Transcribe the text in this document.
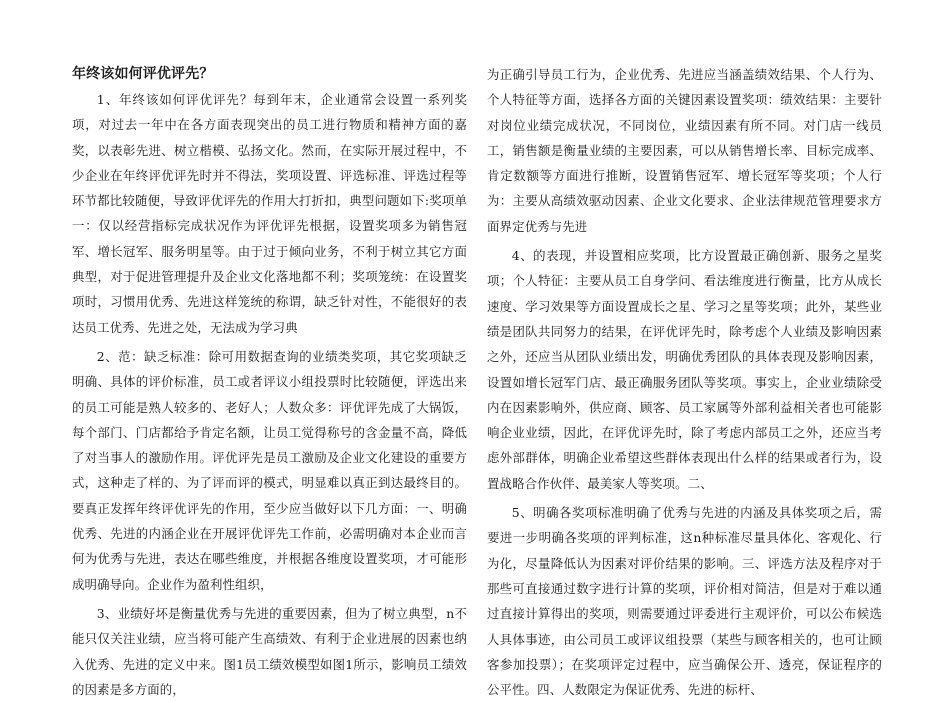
年终该如何评优评先？

1、年终该如何评优评先？每到年末，企业通常会设置一系列奖项，对过去一年中在各方面表现突出的员工进行物质和精神方面的嘉奖，以表彰先进、树立楷模、弘扬文化。然而，在实际开展过程中，不少企业在年终评优评先时并不得法，奖项设置、评选标准、评选过程等环节都比较随便，导致评优评先的作用大打折扣，典型问题如下:奖项单一：仅以经营指标完成状况作为评优评先根据，设置奖项多为销售冠军、增长冠军、服务明星等。由于过于倾向业务，不利于树立其它方面典型，对于促进管理提升及企业文化落地都不利；奖项笼统：在设置奖项时，习惯用优秀、先进这样笼统的称谓，缺乏针对性，不能很好的表达员工优秀、先进之处，无法成为学习典

2、范：缺乏标准：除可用数据查询的业绩类奖项，其它奖项缺乏明确、具体的评价标准，员工或者评议小组投票时比较随便，评选出来的员工可能是熟人较多的、老好人；人数众多：评优评先成了大锅饭，每个部门、门店都给予肯定名额，让员工觉得称号的含金量不高，降低了对当事人的激励作用。评优评先是员工激励及企业文化建设的重要方式，这种走了样的、为了评而评的模式，明显难以真正到达最终目的。要真正发挥年终评优评先的作用，至少应当做好以下几方面：一、明确优秀、先进的内涵企业在开展评优评先工作前，必需明确对本企业而言何为优秀与先进，表达在哪些维度，并根据各维度设置奖项，才可能形成明确导向。企业作为盈利性组织，

3、业绩好坏是衡量优秀与先进的重要因素，但为了树立典型，n不能只仅关注业绩，应当将可能产生高绩效、有利于企业进展的因素也纳入优秀、先进的定义中来。图1员工绩效模型如图1所示，影响员工绩效的因素是多方面的，

为正确引导员工行为，企业优秀、先进应当涵盖绩效结果、个人行为、个人特征等方面，选择各方面的关键因素设置奖项：绩效结果：主要针对岗位业绩完成状况，不同岗位，业绩因素有所不同。对门店一线员工，销售额是衡量业绩的主要因素，可以从销售增长率、目标完成率、肯定数额等方面进行推断，设置销售冠军、增长冠军等奖项；个人行为：主要从高绩效驱动因素、企业文化要求、企业法律规范管理要求方面界定优秀与先进

4、的表现，并设置相应奖项，比方设置最正确创新、服务之星奖项；个人特征：主要从员工自身学问、看法维度进行衡量，比方从成长速度、学习效果等方面设置成长之星、学习之星等奖项；此外，某些业绩是团队共同努力的结果，在评优评先时，除考虑个人业绩及影响因素之外，还应当从团队业绩出发，明确优秀团队的具体表现及影响因素，设置如增长冠军门店、最正确服务团队等奖项。事实上，企业业绩除受内在因素影响外，供应商、顾客、员工家属等外部利益相关者也可能影响企业业绩，因此，在评优评先时，除了考虑内部员工之外，还应当考虑外部群体，明确企业希望这些群体表现出什么样的结果或者行为，设置战略合作伙伴、最美家人等奖项。二、

5、明确各奖项标准明确了优秀与先进的内涵及具体奖项之后，需要进一步明确各奖项的评判标准，这n种标准尽量具体化、客观化、行为化，尽量降低认为因素对评价结果的影响。三、评选方法及程序对于那些可直接通过数字进行计算的奖项，评价相对简洁，但是对于难以通过直接计算得出的奖项，则需要通过评委进行主观评价，可以公布候选人具体事迹，由公司员工或评议组投票（某些与顾客相关的，也可让顾客参加投票）；在奖项评定过程中，应当确保公开、透亮，保证程序的公平性。四、人数限定为保证优秀、先进的标杆、
